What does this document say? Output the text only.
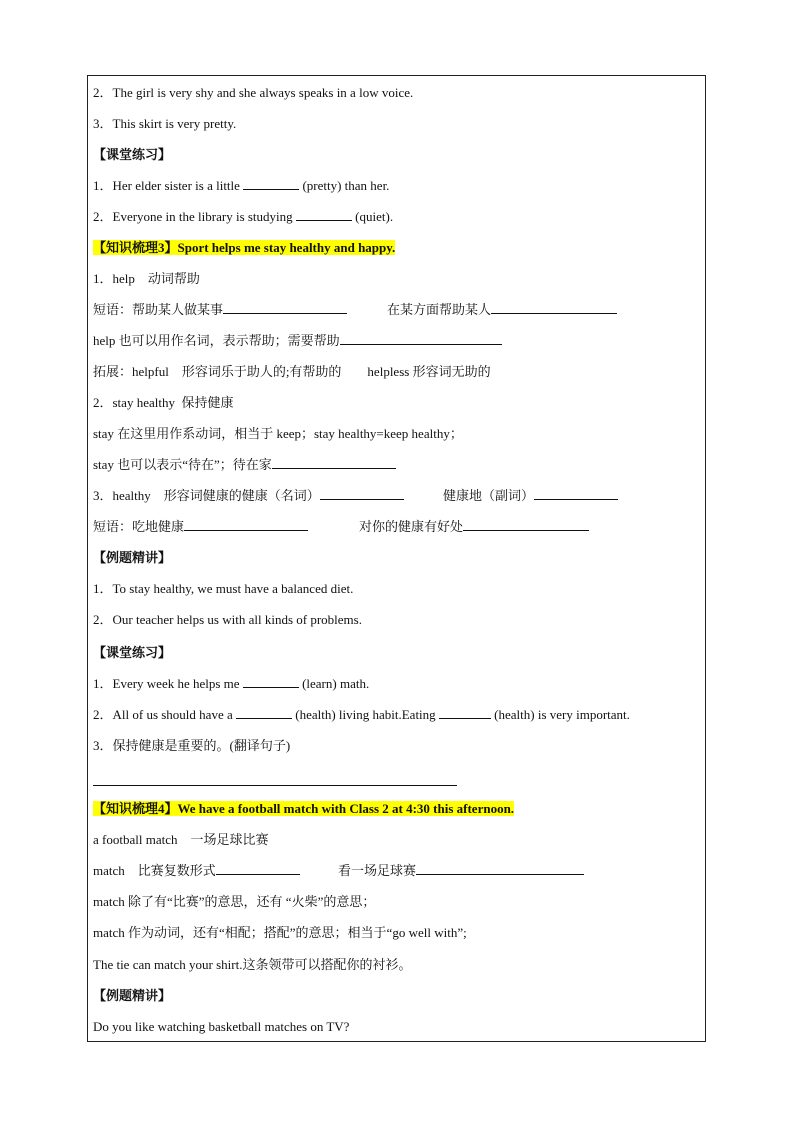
2．The girl is very shy and she always speaks in a low voice.
3．This skirt is very pretty.
【课堂练习】
1．Her elder sister is a little	(pretty) than her.
2．Everyone in the library is studying	(quiet).
【知识梳理3】Sport helps me stay healthy and happy.
1．help　动词帮助
短语：帮助某人做某事	在某方面帮助某人
help 也可以用作名词，表示帮助；需要帮助
拓展：helpful　形容词乐于助人的;有帮助的　　helpless 形容词无助的
2．stay healthy  保持健康
stay 在这里用作系动词，相当于 keep；stay healthy=keep healthy；
stay 也可以表示“待在”；待在家
3．healthy　形容词健康的健康（名词）	健康地（副词）
短语：吃地健康	对你的健康有好处
【例题精讲】
1．To stay healthy, we must have a balanced diet.
2．Our teacher helps us with all kinds of problems.
【课堂练习】
1．Every week he helps me	(learn) math.
2．All of us should have a	(health) living habit.Eating	(health) is very important.
3．保持健康是重要的。(翻译句子)
【知识梳理4】We have a football match with Class 2 at 4:30 this afternoon.
a football match　一场足球比赛
match　比赛复数形式	看一场足球赛
match 除了有“比赛”的意思，还有 “火柴”的意思；
match 作为动词，还有“相配；搭配”的意思；相当于“go well with”;
The tie can match your shirt.这条领带可以搭配你的衬衫。
【例题精讲】
Do you like watching basketball matches on TV?
